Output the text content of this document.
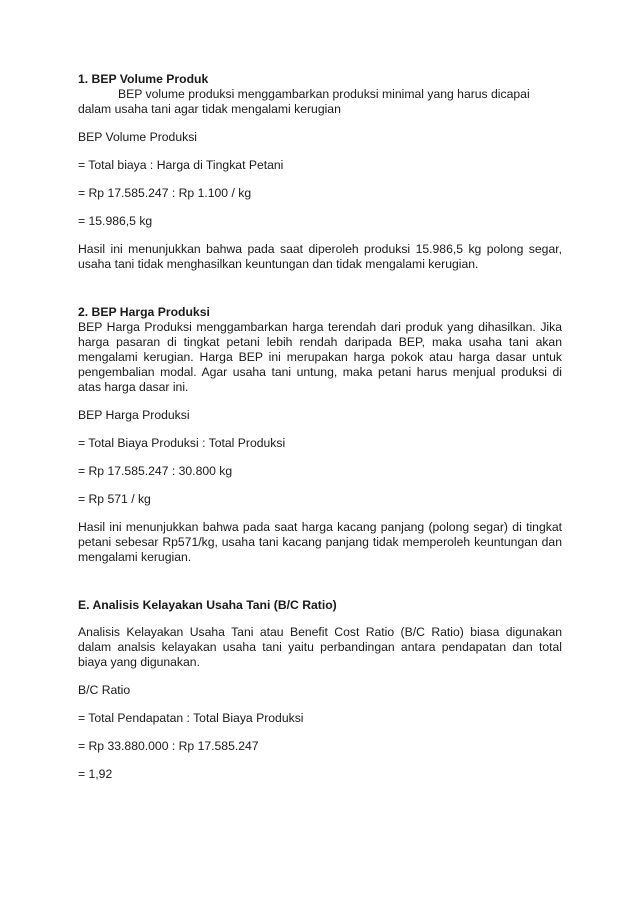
1. BEP Volume Produk

BEP volume produksi menggambarkan produksi minimal yang harus dicapai dalam usaha tani agar tidak mengalami kerugian

BEP Volume Produksi

= Total biaya : Harga di Tingkat Petani

= Rp 17.585.247 : Rp 1.100 / kg

= 15.986,5 kg

Hasil ini menunjukkan bahwa pada saat diperoleh produksi 15.986,5 kg polong segar, usaha tani tidak menghasilkan keuntungan dan tidak mengalami kerugian.

2. BEP Harga Produksi

BEP Harga Produksi menggambarkan harga terendah dari produk yang dihasilkan. Jika harga pasaran di tingkat petani lebih rendah daripada BEP, maka usaha tani akan mengalami kerugian. Harga BEP ini merupakan harga pokok atau harga dasar untuk pengembalian modal. Agar usaha tani untung, maka petani harus menjual produksi di atas harga dasar ini.

BEP Harga Produksi

= Total Biaya Produksi : Total Produksi

= Rp 17.585.247 : 30.800 kg

= Rp 571 / kg

Hasil ini menunjukkan bahwa pada saat harga kacang panjang (polong segar) di tingkat petani sebesar Rp571/kg, usaha tani kacang panjang tidak memperoleh keuntungan dan mengalami kerugian.

E. Analisis Kelayakan Usaha Tani (B/C Ratio)

Analisis Kelayakan Usaha Tani atau Benefit Cost Ratio (B/C Ratio) biasa digunakan dalam analsis kelayakan usaha tani yaitu perbandingan antara pendapatan dan total biaya yang digunakan.

B/C Ratio

= Total Pendapatan : Total Biaya Produksi

= Rp 33.880.000 : Rp 17.585.247

= 1,92
